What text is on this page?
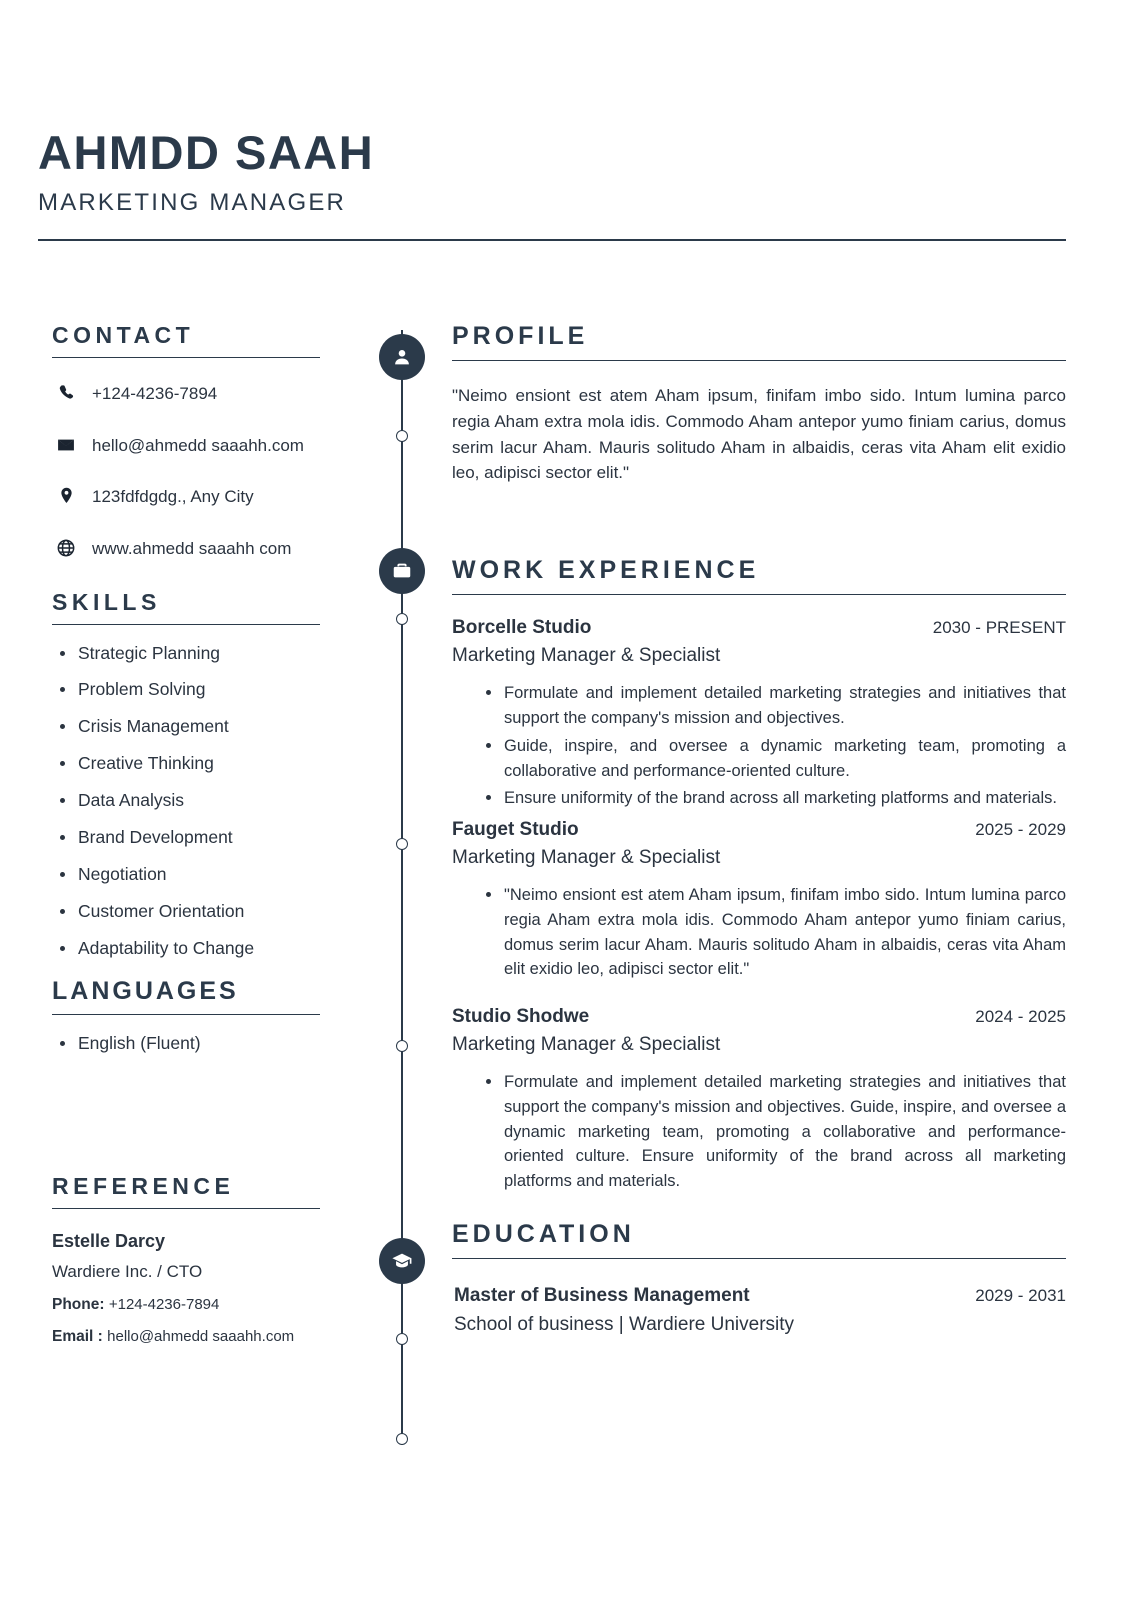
AHMDD SAAH
MARKETING MANAGER
CONTACT
+124-4236-7894
hello@ahmedd saaahh.com
123fdfdgdg., Any City
www.ahmedd saaahh com
SKILLS
Strategic Planning
Problem Solving
Crisis Management
Creative Thinking
Data Analysis
Brand Development
Negotiation
Customer Orientation
Adaptability to Change
LANGUAGES
English (Fluent)
REFERENCE
Estelle Darcy
Wardiere Inc. / CTO
Phone: +124-4236-7894
Email : hello@ahmedd saaahh.com
PROFILE
"Neimo ensiont est atem Aham ipsum, finifam imbo sido. Intum lumina parco regia Aham extra mola idis. Commodo Aham antepor yumo finiam carius, domus serim lacur Aham. Mauris solitudo Aham in albaidis, ceras vita Aham elit exidio leo, adipisci sector elit."
WORK EXPERIENCE
Borcelle Studio	2030 - PRESENT
Marketing Manager & Specialist
Formulate and implement detailed marketing strategies and initiatives that support the company's mission and objectives.
Guide, inspire, and oversee a dynamic marketing team, promoting a collaborative and performance-oriented culture.
Ensure uniformity of the brand across all marketing platforms and materials.
Fauget Studio	2025 - 2029
Marketing Manager & Specialist
"Neimo ensiont est atem Aham ipsum, finifam imbo sido. Intum lumina parco regia Aham extra mola idis. Commodo Aham antepor yumo finiam carius, domus serim lacur Aham. Mauris solitudo Aham in albaidis, ceras vita Aham elit exidio leo, adipisci sector elit."
Studio Shodwe	2024 - 2025
Marketing Manager & Specialist
Formulate and implement detailed marketing strategies and initiatives that support the company's mission and objectives. Guide, inspire, and oversee a dynamic marketing team, promoting a collaborative and performance-oriented culture. Ensure uniformity of the brand across all marketing platforms and materials.
EDUCATION
Master of Business Management	2029 - 2031
School of business | Wardiere University
